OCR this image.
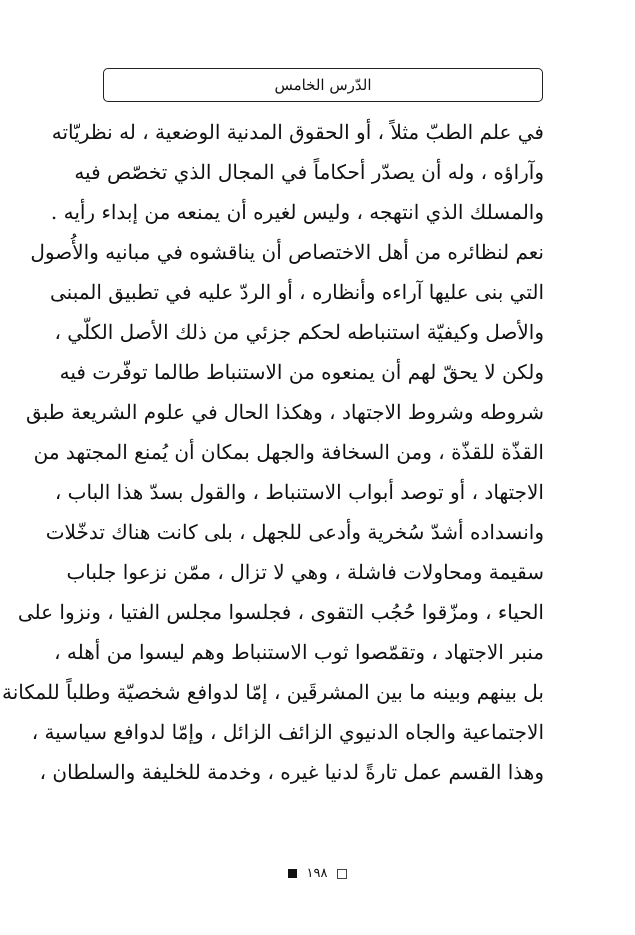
الدّرس الخامس
في علم الطبّ مثلاً ، أو الحقوق المدنية الوضعية ، له نظريّاته
وآراؤه ، وله أن يصدّر أحكاماً في المجال الذي تخصّص فيه
والمسلك الذي انتهجه ، وليس لغيره أن يمنعه من إبداء رأيه .
نعم لنظائره من أهل الاختصاص أن يناقشوه في مبانيه والأُصول
التي بنى عليها آراءه وأنظاره ، أو الردّ عليه في تطبيق المبنى
والأصل وكيفيّة استنباطه لحكم جزئي من ذلك الأصل الكلّي ،
ولكن لا يحقّ لهم أن يمنعوه من الاستنباط طالما توفّرت فيه
شروطه وشروط الاجتهاد ، وهكذا الحال في علوم الشريعة طبق
القذّة للقذّة ، ومن السخافة والجهل بمكان أن يُمنع المجتهد من
الاجتهاد ، أو توصد أبواب الاستنباط ، والقول بسدّ هذا الباب ،
وانسداده أشدّ سُخرية وأدعى للجهل ، بلى كانت هناك تدخّلات
سقيمة ومحاولات فاشلة ، وهي لا تزال ، ممّن نزعوا جلباب
الحياء ، ومزّقوا حُجُب التقوى ، فجلسوا مجلس الفتيا ، ونزوا على
منبر الاجتهاد ، وتقمّصوا ثوب الاستنباط وهم ليسوا من أهله ،
بل بينهم وبينه ما بين المشرقَين ، إمّا لدوافع شخصيّة وطلباً للمكانة
الاجتماعية والجاه الدنيوي الزائف الزائل ، وإمّا لدوافع سياسية ،
وهذا القسم عمل تارةً لدنيا غيره ، وخدمة للخليفة والسلطان ،
١٩٨
